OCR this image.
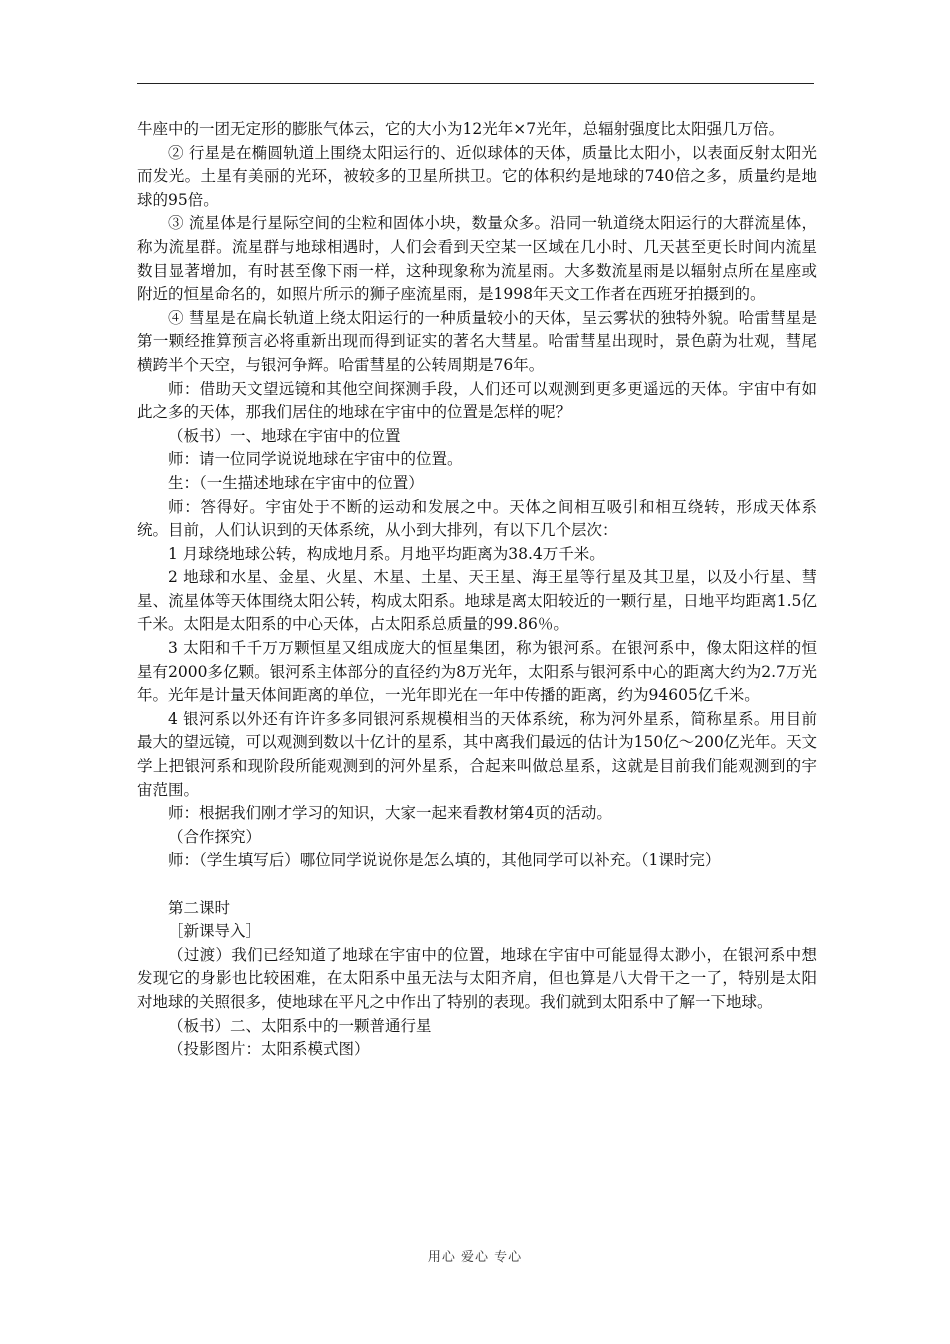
牛座中的一团无定形的膨胀气体云，它的大小为12光年×7光年，总辐射强度比太阳强几万倍。

② 行星是在椭圆轨道上围绕太阳运行的、近似球体的天体，质量比太阳小，以表面反射太阳光而发光。土星有美丽的光环，被较多的卫星所拱卫。它的体积约是地球的740倍之多，质量约是地球的95倍。

③ 流星体是行星际空间的尘粒和固体小块，数量众多。沿同一轨道绕太阳运行的大群流星体，称为流星群。流星群与地球相遇时，人们会看到天空某一区域在几小时、几天甚至更长时间内流星数目显著增加，有时甚至像下雨一样，这种现象称为流星雨。大多数流星雨是以辐射点所在星座或附近的恒星命名的，如照片所示的狮子座流星雨，是1998年天文工作者在西班牙拍摄到的。

④ 彗星是在扁长轨道上绕太阳运行的一种质量较小的天体，呈云雾状的独特外貌。哈雷彗星是第一颗经推算预言必将重新出现而得到证实的著名大彗星。哈雷彗星出现时，景色蔚为壮观，彗尾横跨半个天空，与银河争辉。哈雷彗星的公转周期是76年。

师：借助天文望远镜和其他空间探测手段，人们还可以观测到更多更遥远的天体。宇宙中有如此之多的天体，那我们居住的地球在宇宙中的位置是怎样的呢？

（板书）一、地球在宇宙中的位置

师：请一位同学说说地球在宇宙中的位置。

生：（一生描述地球在宇宙中的位置）

师：答得好。宇宙处于不断的运动和发展之中。天体之间相互吸引和相互绕转，形成天体系统。目前，人们认识到的天体系统，从小到大排列，有以下几个层次：

1 月球绕地球公转，构成地月系。月地平均距离为38.4万千米。

2 地球和水星、金星、火星、木星、土星、天王星、海王星等行星及其卫星，以及小行星、彗星、流星体等天体围绕太阳公转，构成太阳系。地球是离太阳较近的一颗行星，日地平均距离1.5亿千米。太阳是太阳系的中心天体，占太阳系总质量的99.86％。

3 太阳和千千万万颗恒星又组成庞大的恒星集团，称为银河系。在银河系中，像太阳这样的恒星有2000多亿颗。银河系主体部分的直径约为8万光年，太阳系与银河系中心的距离大约为2.7万光年。光年是计量天体间距离的单位，一光年即光在一年中传播的距离，约为94605亿千米。

4 银河系以外还有许许多多同银河系规模相当的天体系统，称为河外星系，简称星系。用目前最大的望远镜，可以观测到数以十亿计的星系，其中离我们最远的估计为150亿～200亿光年。天文学上把银河系和现阶段所能观测到的河外星系，合起来叫做总星系，这就是目前我们能观测到的宇宙范围。

师：根据我们刚才学习的知识，大家一起来看教材第4页的活动。

（合作探究）

师：（学生填写后）哪位同学说说你是怎么填的，其他同学可以补充。（1课时完）

第二课时

［新课导入］

（过渡）我们已经知道了地球在宇宙中的位置，地球在宇宙中可能显得太渺小，在银河系中想发现它的身影也比较困难，在太阳系中虽无法与太阳齐肩，但也算是八大骨干之一了，特别是太阳对地球的关照很多，使地球在平凡之中作出了特别的表现。我们就到太阳系中了解一下地球。

（板书）二、太阳系中的一颗普通行星

（投影图片：太阳系模式图）

用心 爱心 专心
